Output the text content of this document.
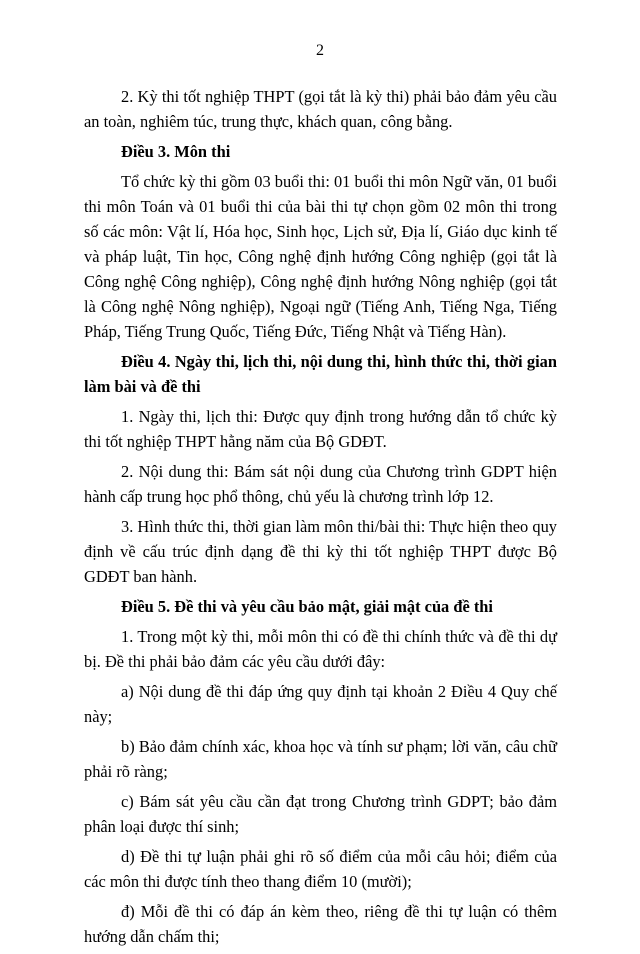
2

2. Kỳ thi tốt nghiệp THPT (gọi tắt là kỳ thi) phải bảo đảm yêu cầu an toàn, nghiêm túc, trung thực, khách quan, công bằng.

Điều 3. Môn thi

Tổ chức kỳ thi gồm 03 buổi thi: 01 buổi thi môn Ngữ văn, 01 buổi thi môn Toán và 01 buổi thi của bài thi tự chọn gồm 02 môn thi trong số các môn: Vật lí, Hóa học, Sinh học, Lịch sử, Địa lí, Giáo dục kinh tế và pháp luật, Tin học, Công nghệ định hướng Công nghiệp (gọi tắt là Công nghệ Công nghiệp), Công nghệ định hướng Nông nghiệp (gọi tắt là Công nghệ Nông nghiệp), Ngoại ngữ (Tiếng Anh, Tiếng Nga, Tiếng Pháp, Tiếng Trung Quốc, Tiếng Đức, Tiếng Nhật và Tiếng Hàn).

Điều 4. Ngày thi, lịch thi, nội dung thi, hình thức thi, thời gian làm bài và đề thi

1. Ngày thi, lịch thi: Được quy định trong hướng dẫn tổ chức kỳ thi tốt nghiệp THPT hằng năm của Bộ GDĐT.

2. Nội dung thi: Bám sát nội dung của Chương trình GDPT hiện hành cấp trung học phổ thông, chủ yếu là chương trình lớp 12.

3. Hình thức thi, thời gian làm môn thi/bài thi: Thực hiện theo quy định về cấu trúc định dạng đề thi kỳ thi tốt nghiệp THPT được Bộ GDĐT ban hành.

Điều 5. Đề thi và yêu cầu bảo mật, giải mật của đề thi

1. Trong một kỳ thi, mỗi môn thi có đề thi chính thức và đề thi dự bị. Đề thi phải bảo đảm các yêu cầu dưới đây:

a) Nội dung đề thi đáp ứng quy định tại khoản 2 Điều 4 Quy chế này;

b) Bảo đảm chính xác, khoa học và tính sư phạm; lời văn, câu chữ phải rõ ràng;

c) Bám sát yêu cầu cần đạt trong Chương trình GDPT; bảo đảm phân loại được thí sinh;

d) Đề thi tự luận phải ghi rõ số điểm của mỗi câu hỏi; điểm của các môn thi được tính theo thang điểm 10 (mười);

đ) Mỗi đề thi có đáp án kèm theo, riêng đề thi tự luận có thêm hướng dẫn chấm thi;
